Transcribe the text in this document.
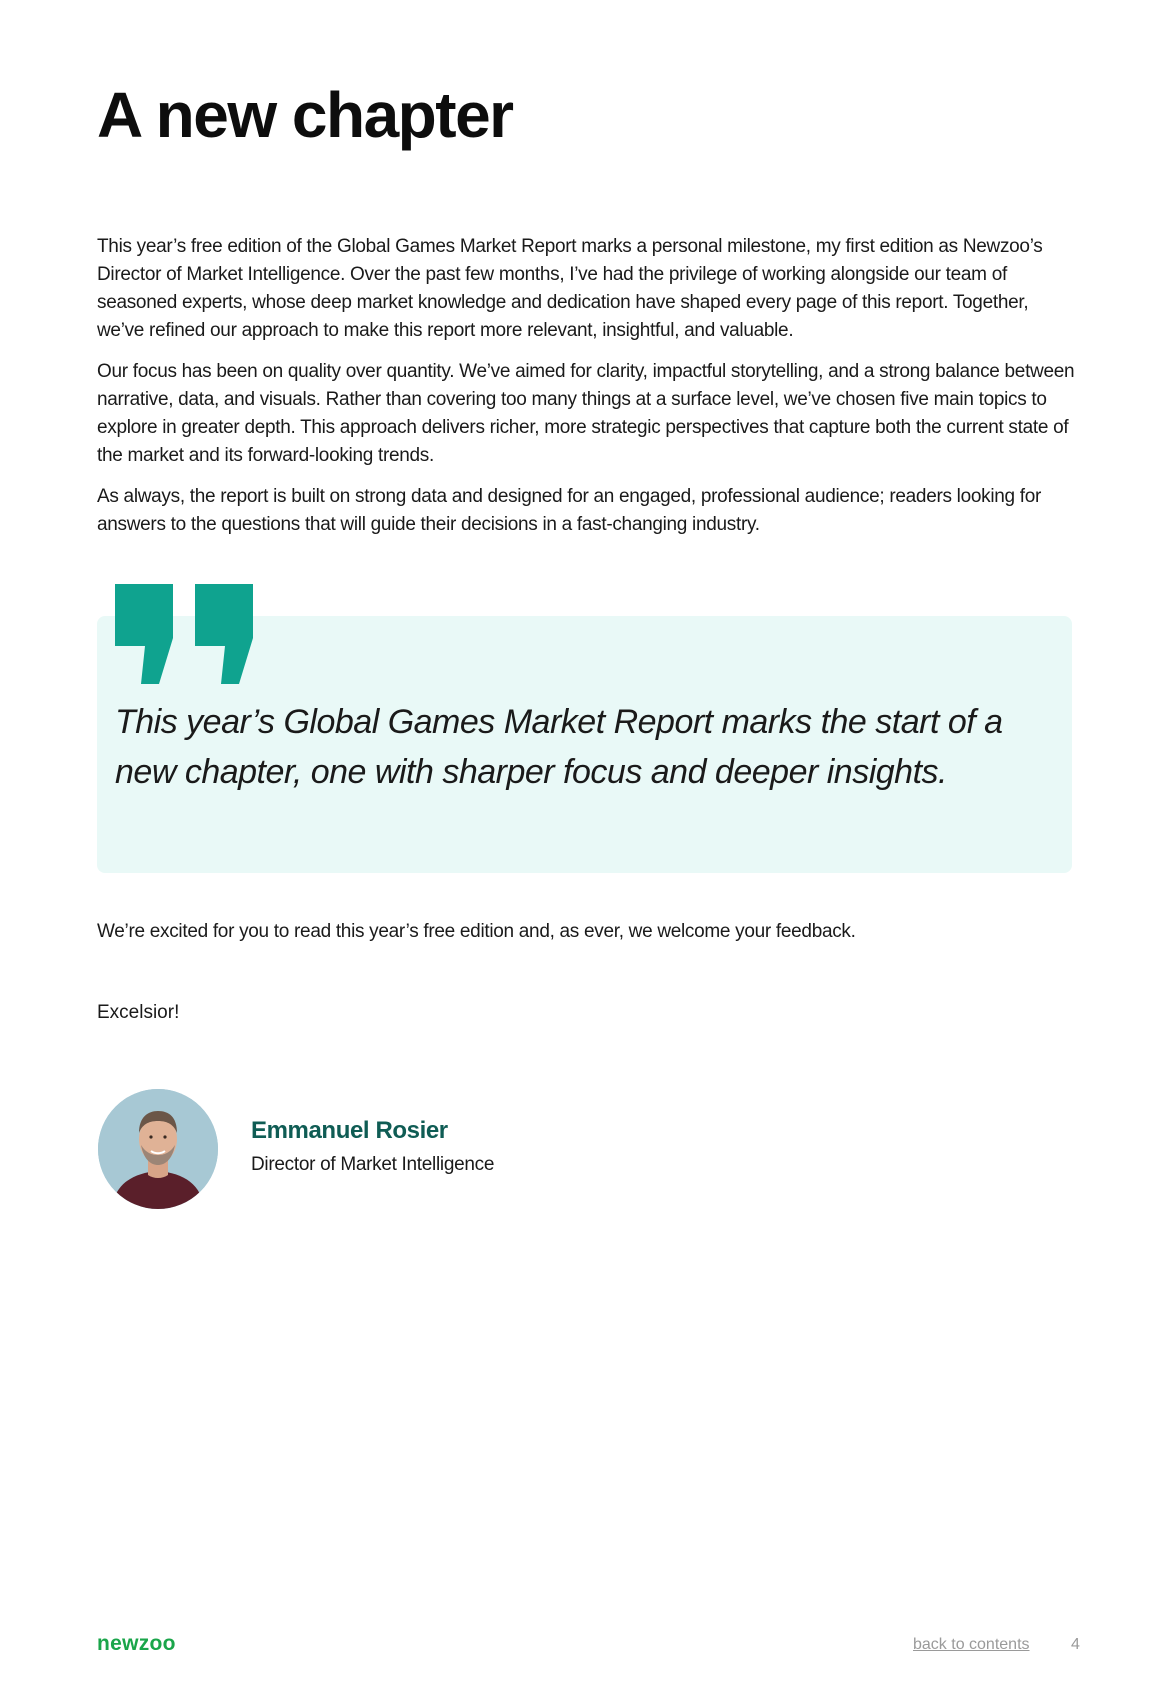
A new chapter

This year’s free edition of the Global Games Market Report marks a personal milestone, my first edition as Newzoo’s Director of Market Intelligence. Over the past few months, I’ve had the privilege of working alongside our team of seasoned experts, whose deep market knowledge and dedication have shaped every page of this report. Together, we’ve refined our approach to make this report more relevant, insightful, and valuable.

Our focus has been on quality over quantity. We’ve aimed for clarity, impactful storytelling, and a strong balance between narrative, data, and visuals. Rather than covering too many things at a surface level, we’ve chosen five main topics to explore in greater depth. This approach delivers richer, more strategic perspectives that capture both the current state of the market and its forward-looking trends.

As always, the report is built on strong data and designed for an engaged, professional audience; readers looking for answers to the questions that will guide their decisions in a fast-changing industry.

This year’s Global Games Market Report marks the start of a new chapter, one with sharper focus and deeper insights.

We’re excited for you to read this year’s free edition and, as ever, we welcome your feedback.

Excelsior!

Emmanuel Rosier
Director of Market Intelligence
newzoo	back to contents	4
